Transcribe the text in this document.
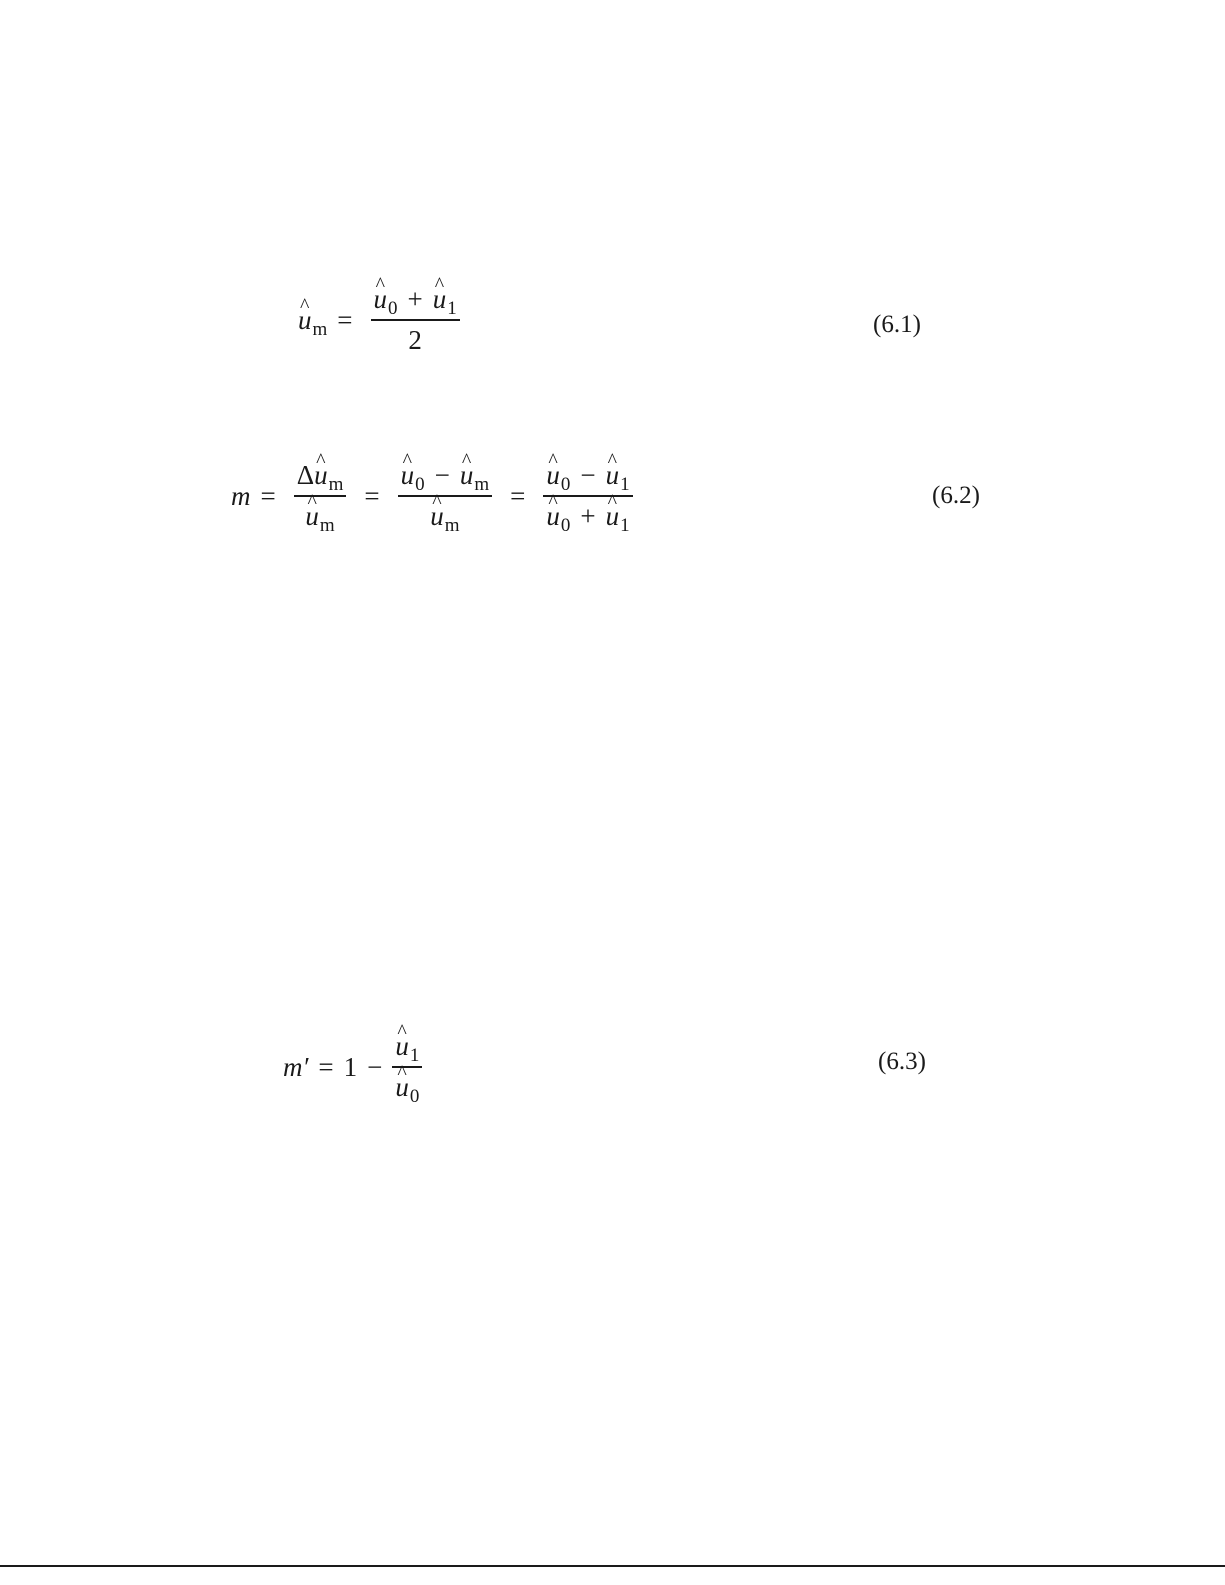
^ u m =
^ u 0 +
^ u 1
2	(6.1)
m = Δ
^ u m
^ u m =
^ u 0 −
^ u m
^ u m =
^ u 0 −
^ u 1
^ u 0 +
^ u 1	(6.2)
m′ = 1 −
^ u 1
^ u 0	(6.3)
